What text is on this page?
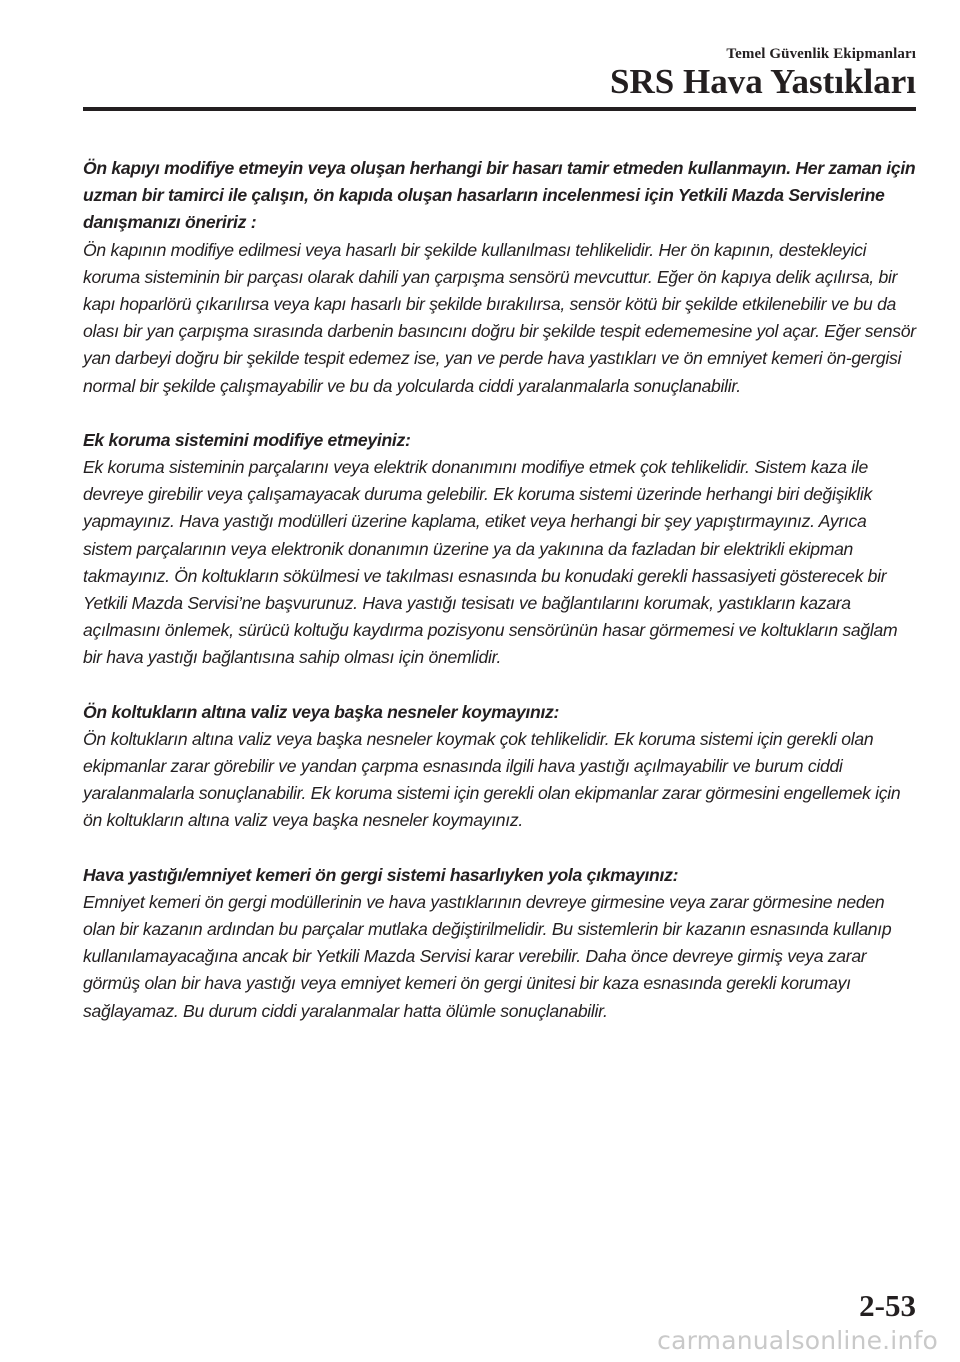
Temel Güvenlik Ekipmanları
SRS Hava Yastıkları

Ön kapıyı modifiye etmeyin veya oluşan herhangi bir hasarı tamir etmeden kullanmayın. Her zaman için uzman bir tamirci ile çalışın, ön kapıda oluşan hasarların incelenmesi için Yetkili Mazda Servislerine danışmanızı öneririz :

Ön kapının modifiye edilmesi veya hasarlı bir şekilde kullanılması tehlikelidir. Her ön kapının, destekleyici koruma sisteminin bir parçası olarak dahili yan çarpışma sensörü mevcuttur. Eğer ön kapıya delik açılırsa, bir kapı hoparlörü çıkarılırsa veya kapı hasarlı bir şekilde bırakılırsa, sensör kötü bir şekilde etkilenebilir ve bu da olası bir yan çarpışma sırasında darbenin basıncını doğru bir şekilde tespit edememesine yol açar. Eğer sensör yan darbeyi doğru bir şekilde tespit edemez ise, yan ve perde hava yastıkları ve ön emniyet kemeri ön-gergisi normal bir şekilde çalışmayabilir ve bu da yolcularda ciddi yaralanmalarla sonuçlanabilir.

Ek koruma sistemini modifiye etmeyiniz:

Ek koruma sisteminin parçalarını veya elektrik donanımını modifiye etmek çok tehlikelidir. Sistem kaza ile devreye girebilir veya çalışamayacak duruma gelebilir. Ek koruma sistemi üzerinde herhangi biri değişiklik yapmayınız. Hava yastığı modülleri üzerine kaplama, etiket veya herhangi bir şey yapıştırmayınız. Ayrıca sistem parçalarının veya elektronik donanımın üzerine ya da yakınına da fazladan bir elektrikli ekipman takmayınız. Ön koltukların sökülmesi ve takılması esnasında bu konudaki gerekli hassasiyeti gösterecek bir Yetkili Mazda Servisi’ne başvurunuz. Hava yastığı tesisatı ve bağlantılarını korumak, yastıkların kazara açılmasını önlemek, sürücü koltuğu kaydırma pozisyonu sensörünün hasar görmemesi ve koltukların sağlam bir hava yastığı bağlantısına sahip olması için önemlidir.

Ön koltukların altına valiz veya başka nesneler koymayınız:

Ön koltukların altına valiz veya başka nesneler koymak çok tehlikelidir. Ek koruma sistemi için gerekli olan ekipmanlar zarar görebilir ve yandan çarpma esnasında ilgili hava yastığı açılmayabilir ve burum ciddi yaralanmalarla sonuçlanabilir. Ek koruma sistemi için gerekli olan ekipmanlar zarar görmesini engellemek için ön koltukların altına valiz veya başka nesneler koymayınız.

Hava yastığı/emniyet kemeri ön gergi sistemi hasarlıyken yola çıkmayınız:

Emniyet kemeri ön gergi modüllerinin ve hava yastıklarının devreye girmesine veya zarar görmesine neden olan bir kazanın ardından bu parçalar mutlaka değiştirilmelidir. Bu sistemlerin bir kazanın esnasında kullanıp kullanılamayacağına ancak bir Yetkili Mazda Servisi karar verebilir. Daha önce devreye girmiş veya zarar görmüş olan bir hava yastığı veya emniyet kemeri ön gergi ünitesi bir kaza esnasında gerekli korumayı sağlayamaz. Bu durum ciddi yaralanmalar hatta ölümle sonuçlanabilir.

2-53
carmanualsonline.info
